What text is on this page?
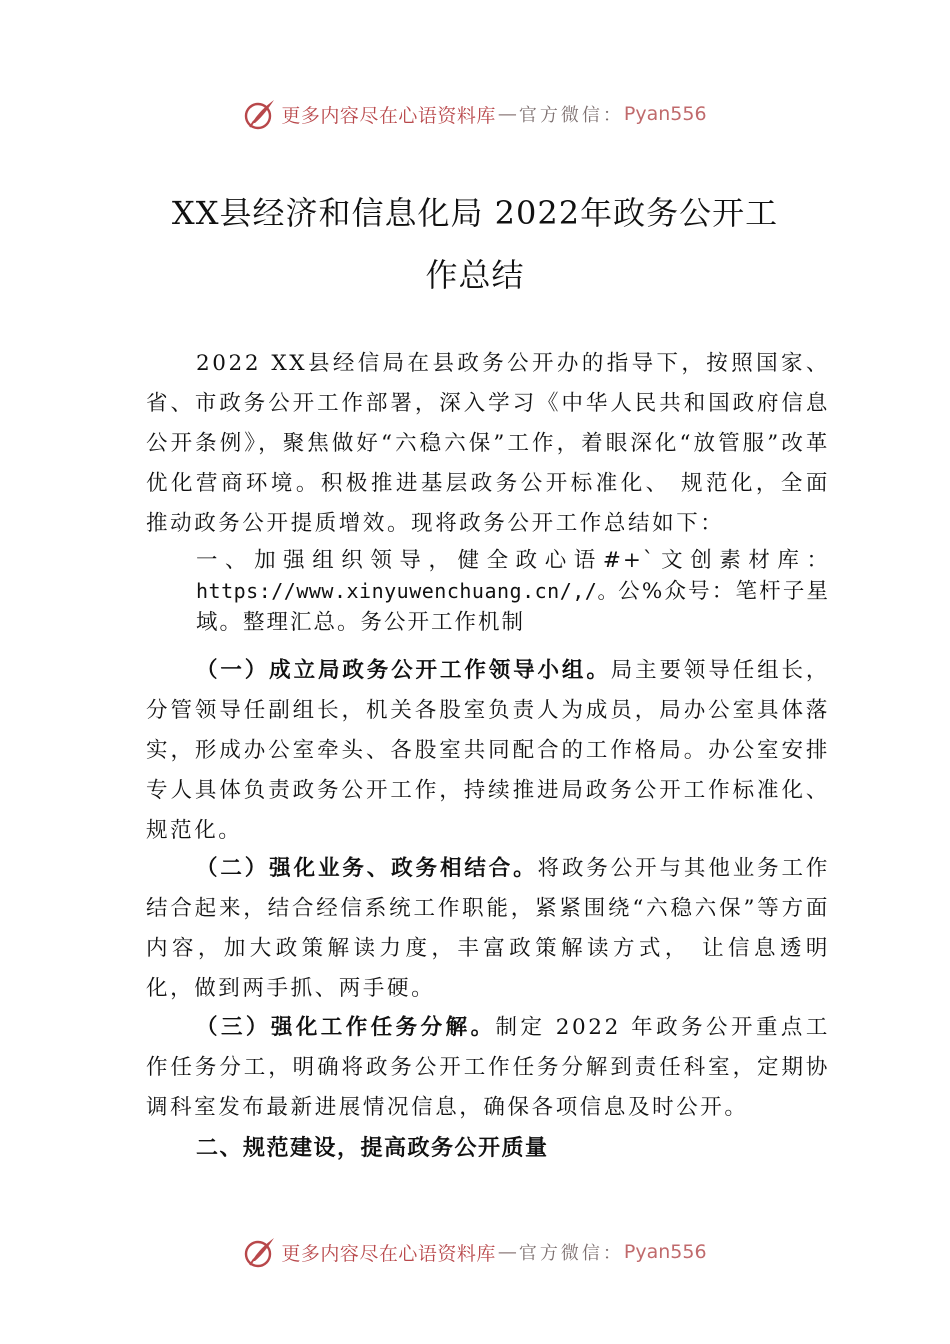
更多内容尽在心语资料库 — 官方微信： Pyan556
XX县经济和信息化局 2022年政务公开工
作总结

2022 XX县经信局在县政务公开办的指导下，按照国家、省、市政务公开工作部署，深入学习《中华人民共和国政府信息公开条例》，聚焦做好“六稳六保”工作，着眼深化“放管服”改革优化营商环境。积极推进基层政务公开标准化、 规范化，全面推动政务公开提质增效。现将政务公开工作总结如下：

一、加强组织领导，健全政心语#+`文创素材库：https://www.xinyuwenchuang.cn/,/。公%众号：笔杆子星域。整理汇总。务公开工作机制

（一）成立局政务公开工作领导小组。局主要领导任组长，分管领导任副组长，机关各股室负责人为成员，局办公室具体落实，形成办公室牵头、各股室共同配合的工作格局。办公室安排专人具体负责政务公开工作，持续推进局政务公开工作标准化、规范化。

（二）强化业务、政务相结合。将政务公开与其他业务工作结合起来，结合经信系统工作职能，紧紧围绕“六稳六保”等方面内容，加大政策解读力度，丰富政策解读方式， 让信息透明化，做到两手抓、两手硬。

（三）强化工作任务分解。制定 2022 年政务公开重点工作任务分工，明确将政务公开工作任务分解到责任科室，定期协调科室发布最新进展情况信息，确保各项信息及时公开。

二、规范建设，提高政务公开质量

更多内容尽在心语资料库 — 官方微信： Pyan556
